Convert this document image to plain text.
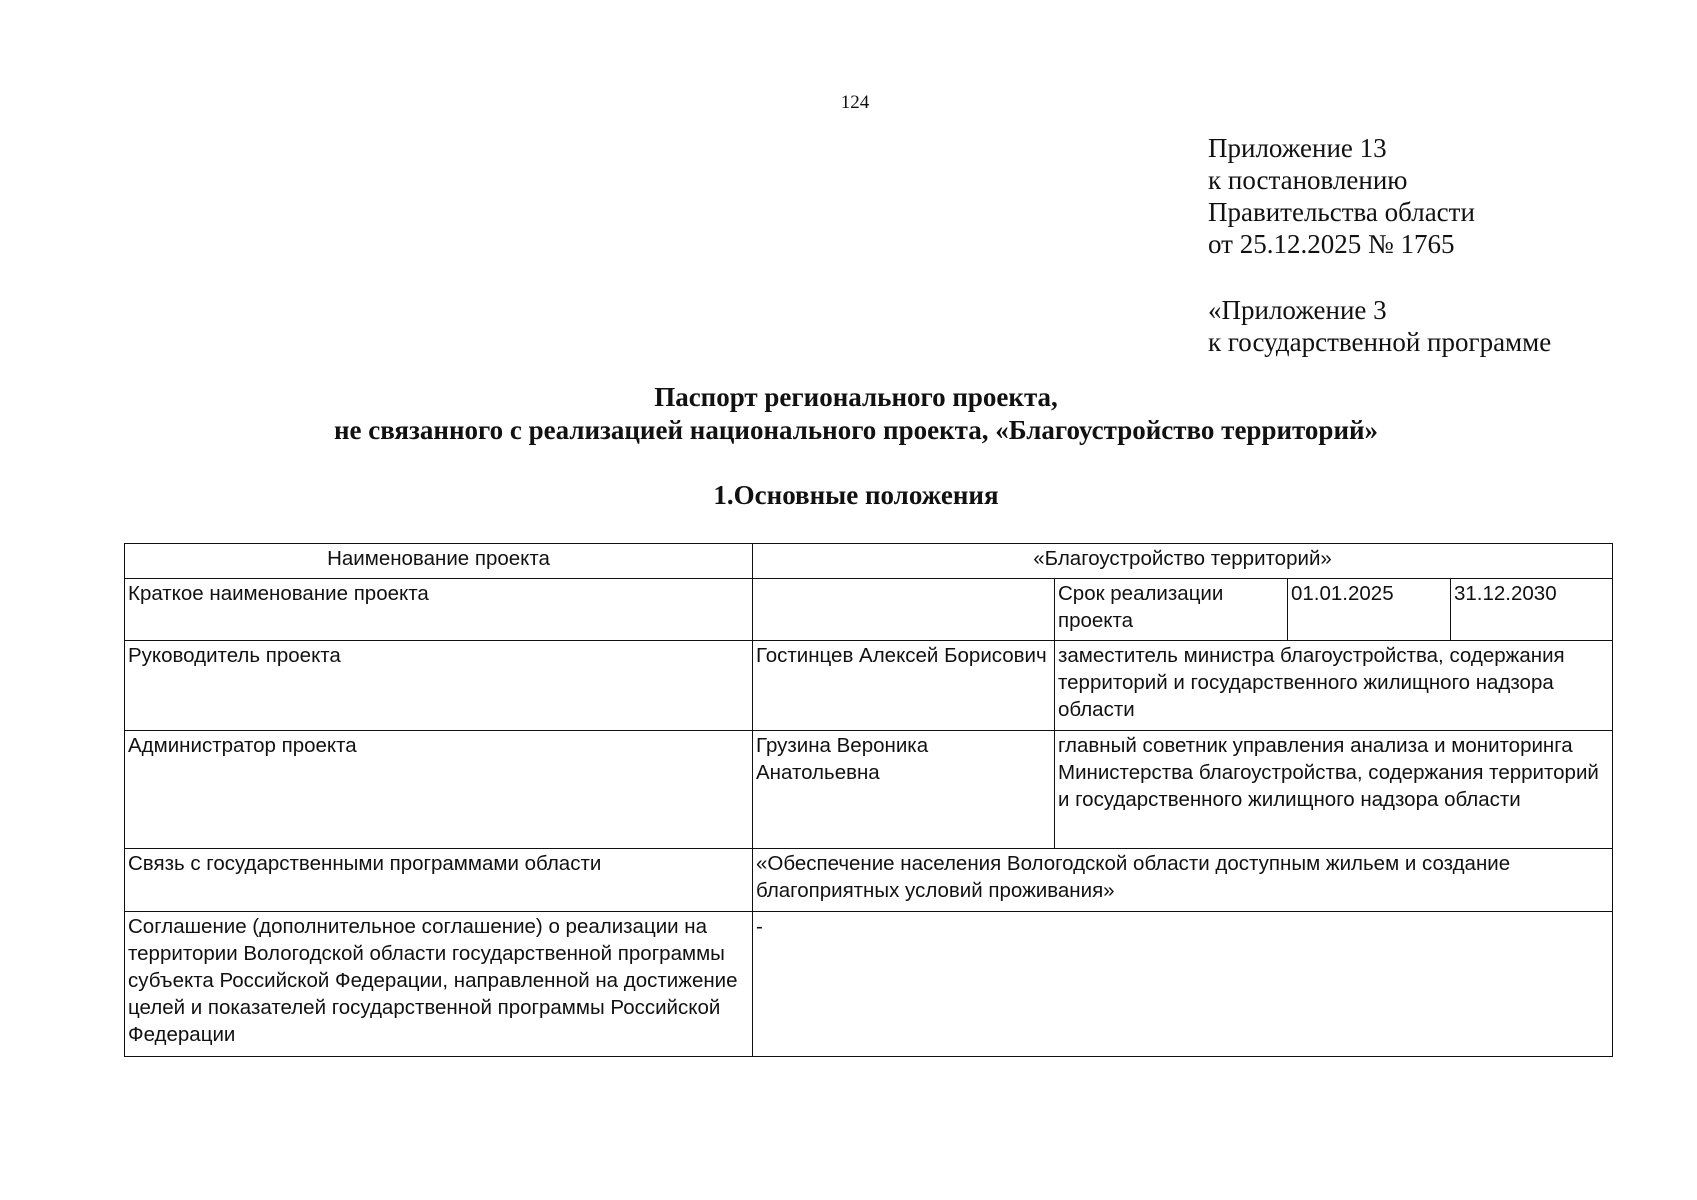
124
Приложение 13
к постановлению
Правительства области
от 25.12.2025 № 1765
«Приложение 3
к государственной программе
Паспорт регионального проекта,
не связанного с реализацией национального проекта, «Благоустройство территорий»
1.Основные положения
Наименование проекта	«Благоустройство территорий»			

Краткое наименование проекта		Срок реализации проекта	01.01.2025	31.12.2030

Руководитель проекта	Гостинцев Алексей Борисович	заместитель министра благоустройства, содержания территорий и государственного жилищного надзора области		

Администратор проекта	Грузина Вероника Анатольевна	главный советник управления анализа и мониторинга Министерства благоустройства, содержания территорий и государственного жилищного надзора области		

Связь с государственными программами области	«Обеспечение населения Вологодской области доступным жильем и создание благоприятных условий проживания»			

Соглашение (дополнительное соглашение) о реализации на территории Вологодской области государственной программы субъекта Российской Федерации, направленной на достижение целей и показателей государственной программы Российской Федерации	-			
